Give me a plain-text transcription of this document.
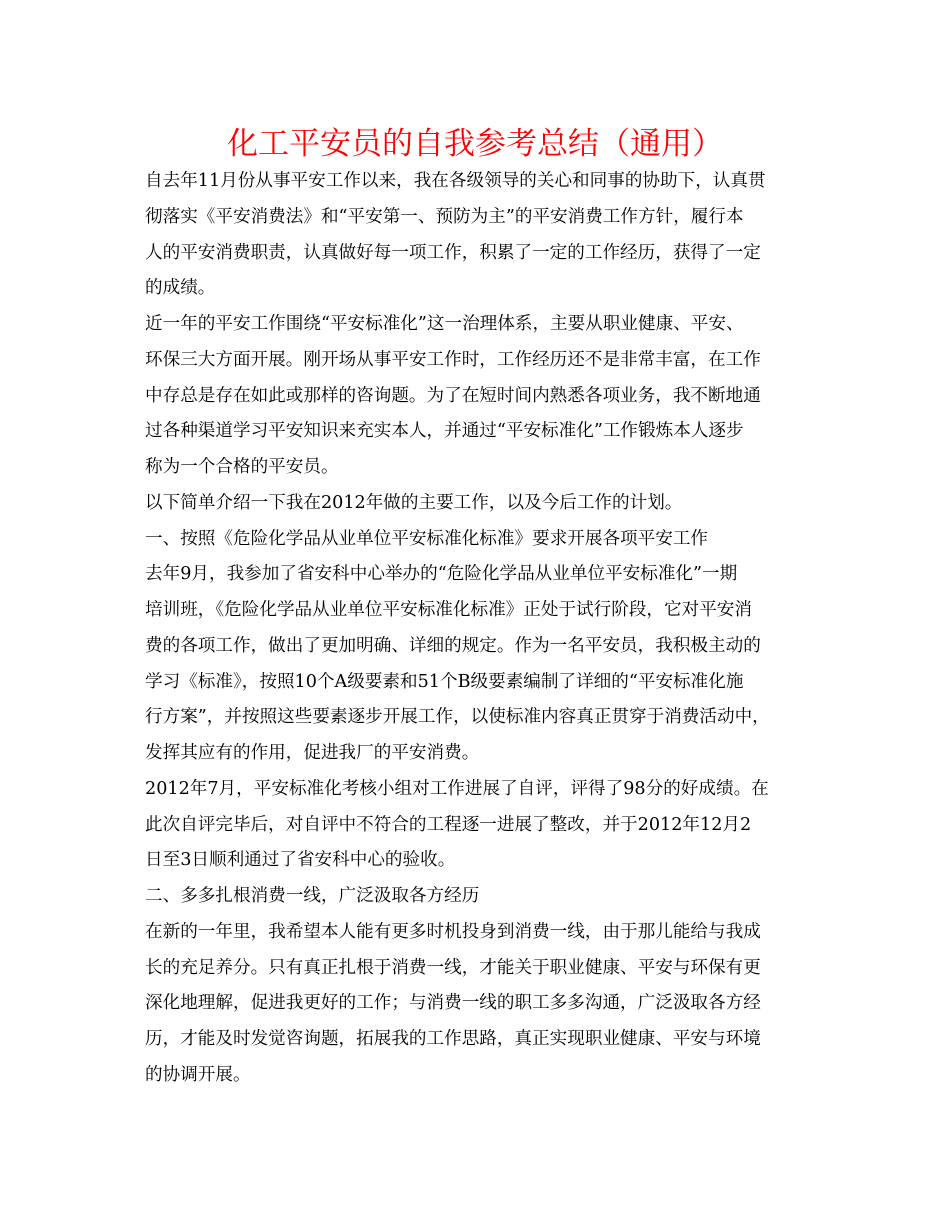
化工平安员的自我参考总结（通用）

自去年11月份从事平安工作以来，我在各级领导的关心和同事的协助下，认真贯
彻落实《平安消费法》和“平安第一、预防为主”的平安消费工作方针，履行本
人的平安消费职责，认真做好每一项工作，积累了一定的工作经历，获得了一定
的成绩。

近一年的平安工作围绕“平安标准化”这一治理体系，主要从职业健康、平安、
环保三大方面开展。刚开场从事平安工作时，工作经历还不是非常丰富，在工作
中存总是存在如此或那样的咨询题。为了在短时间内熟悉各项业务，我不断地通
过各种渠道学习平安知识来充实本人，并通过“平安标准化”工作锻炼本人逐步
称为一个合格的平安员。

以下简单介绍一下我在2012年做的主要工作，以及今后工作的计划。

一、按照《危险化学品从业单位平安标准化标准》要求开展各项平安工作

去年9月，我参加了省安科中心举办的“危险化学品从业单位平安标准化”一期
培训班，《危险化学品从业单位平安标准化标准》正处于试行阶段，它对平安消
费的各项工作，做出了更加明确、详细的规定。作为一名平安员，我积极主动的
学习《标准》，按照10个A级要素和51个B级要素编制了详细的“平安标准化施
行方案”，并按照这些要素逐步开展工作，以使标准内容真正贯穿于消费活动中，
发挥其应有的作用，促进我厂的平安消费。

2012年7月，平安标准化考核小组对工作进展了自评，评得了98分的好成绩。在
此次自评完毕后，对自评中不符合的工程逐一进展了整改，并于2012年12月2
日至3日顺利通过了省安科中心的验收。

二、多多扎根消费一线，广泛汲取各方经历

在新的一年里，我希望本人能有更多时机投身到消费一线，由于那儿能给与我成
长的充足养分。只有真正扎根于消费一线，才能关于职业健康、平安与环保有更
深化地理解，促进我更好的工作；与消费一线的职工多多沟通，广泛汲取各方经
历，才能及时发觉咨询题，拓展我的工作思路，真正实现职业健康、平安与环境
的协调开展。
